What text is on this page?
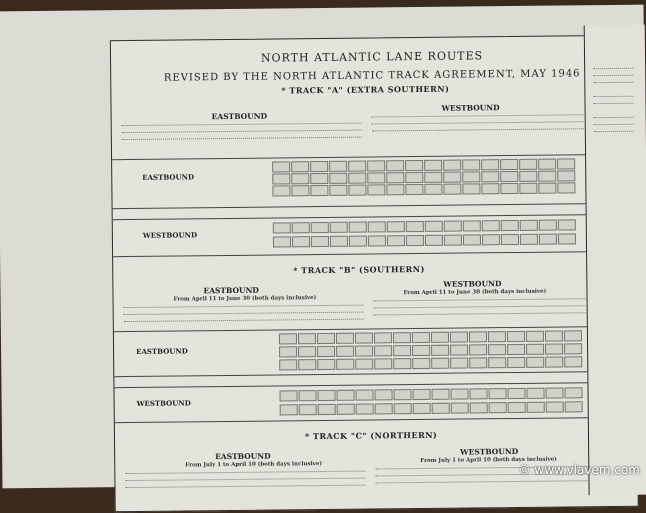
NORTH ATLANTIC LANE ROUTES
REVISED BY THE NORTH ATLANTIC TRACK AGREEMENT, MAY 1946
* TRACK "A" (EXTRA SOUTHERN)
EASTBOUND
WESTBOUND
EASTBOUND
WESTBOUND
* TRACK "B" (SOUTHERN)
EASTBOUND
From April 11 to June 30 (both days inclusive)
WESTBOUND
From April 11 to June 30 (both days inclusive)
EASTBOUND
WESTBOUND
* TRACK "C" (NORTHERN)
EASTBOUND
From July 1 to April 10 (both days inclusive)
WESTBOUND
From July 1 to April 10 (both days inclusive)
© www.vlavem.com
